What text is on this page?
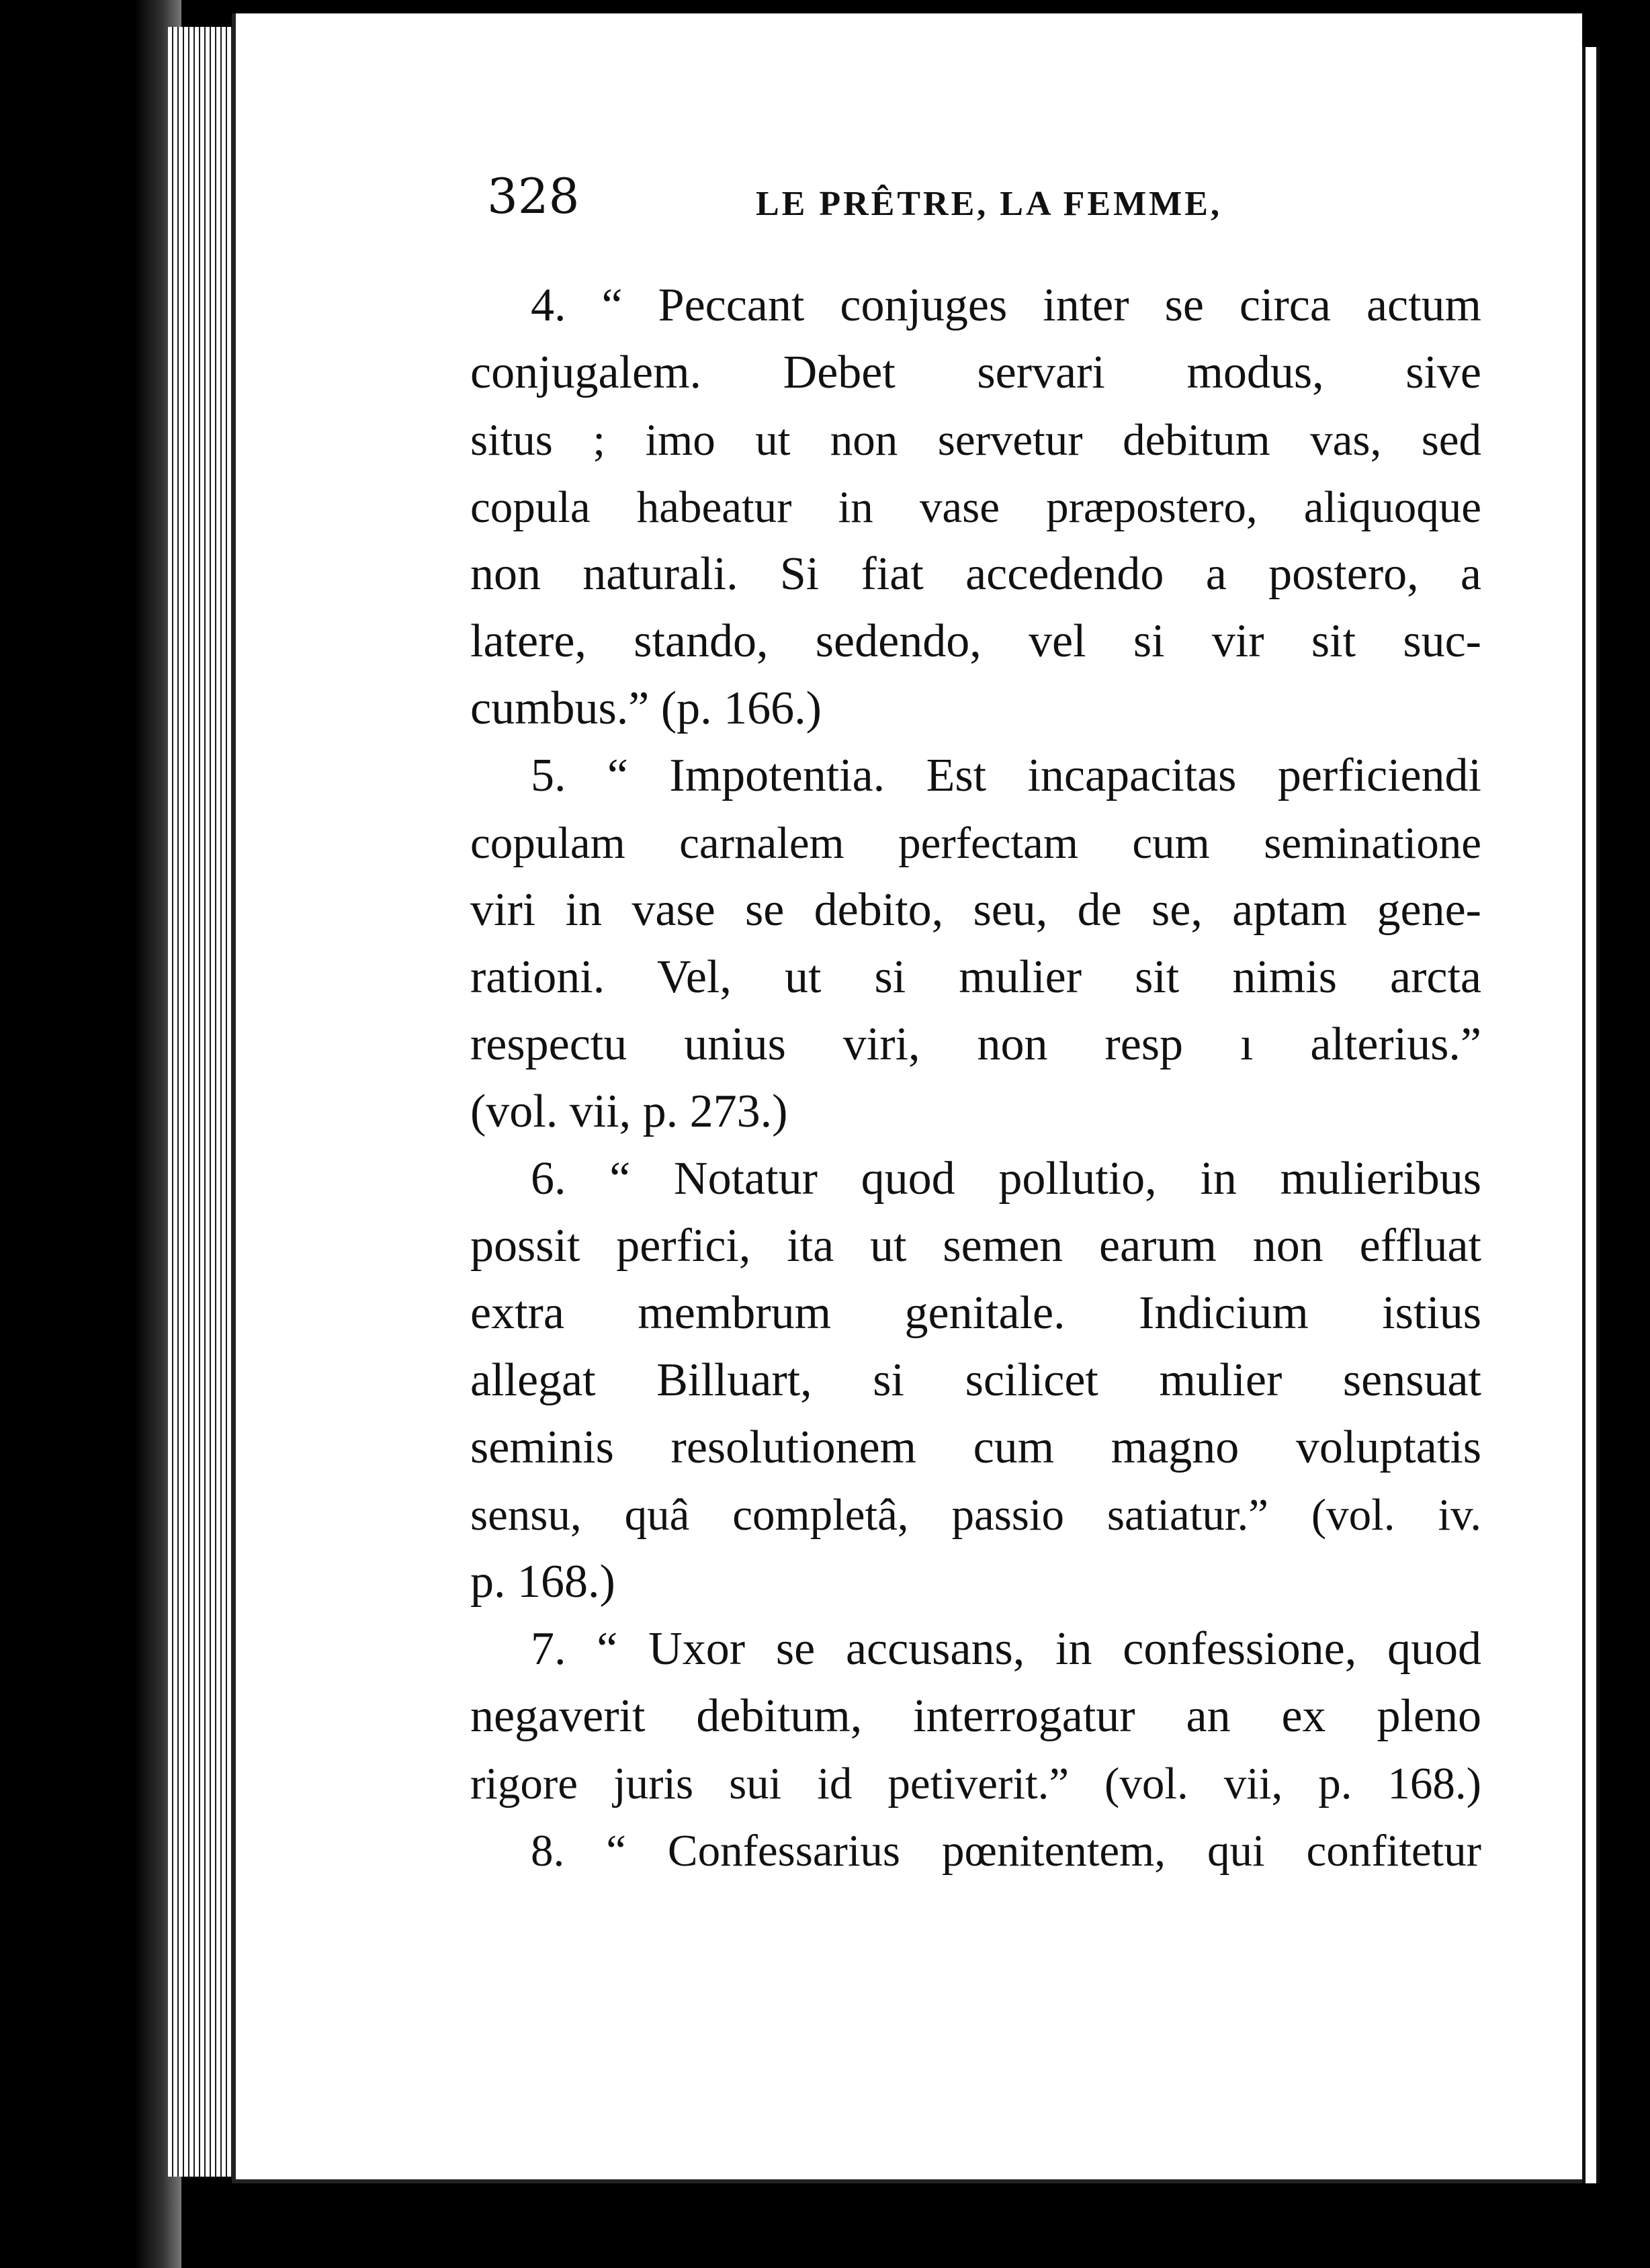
328	LE PRÊTRE, LA FEMME,
4. “ Peccant conjuges inter se circa actum
conjugalem. Debet servari modus, sive
situs ; imo ut non servetur debitum vas, sed
copula habeatur in vase præpostero, aliquoque
non naturali. Si fiat accedendo a postero, a
latere, stando, sedendo, vel si vir sit suc-
cumbus.” (p. 166.)
5. “ Impotentia. Est incapacitas perficiendi
copulam carnalem perfectam cum seminatione
viri in vase se debito, seu, de se, aptam gene-
rationi. Vel, ut si mulier sit nimis arcta
respectu unius viri, non resp ı alterius.”
(vol. vii, p. 273.)
6. “ Notatur quod pollutio, in mulieribus
possit perfici, ita ut semen earum non effluat
extra membrum genitale. Indicium istius
allegat Billuart, si scilicet mulier sensuat
seminis resolutionem cum magno voluptatis
sensu, quâ completâ, passio satiatur.” (vol. iv.
p. 168.)
7. “ Uxor se accusans, in confessione, quod
negaverit debitum, interrogatur an ex pleno
rigore juris sui id petiverit.” (vol. vii, p. 168.)
8. “ Confessarius pœnitentem, qui confitetur
